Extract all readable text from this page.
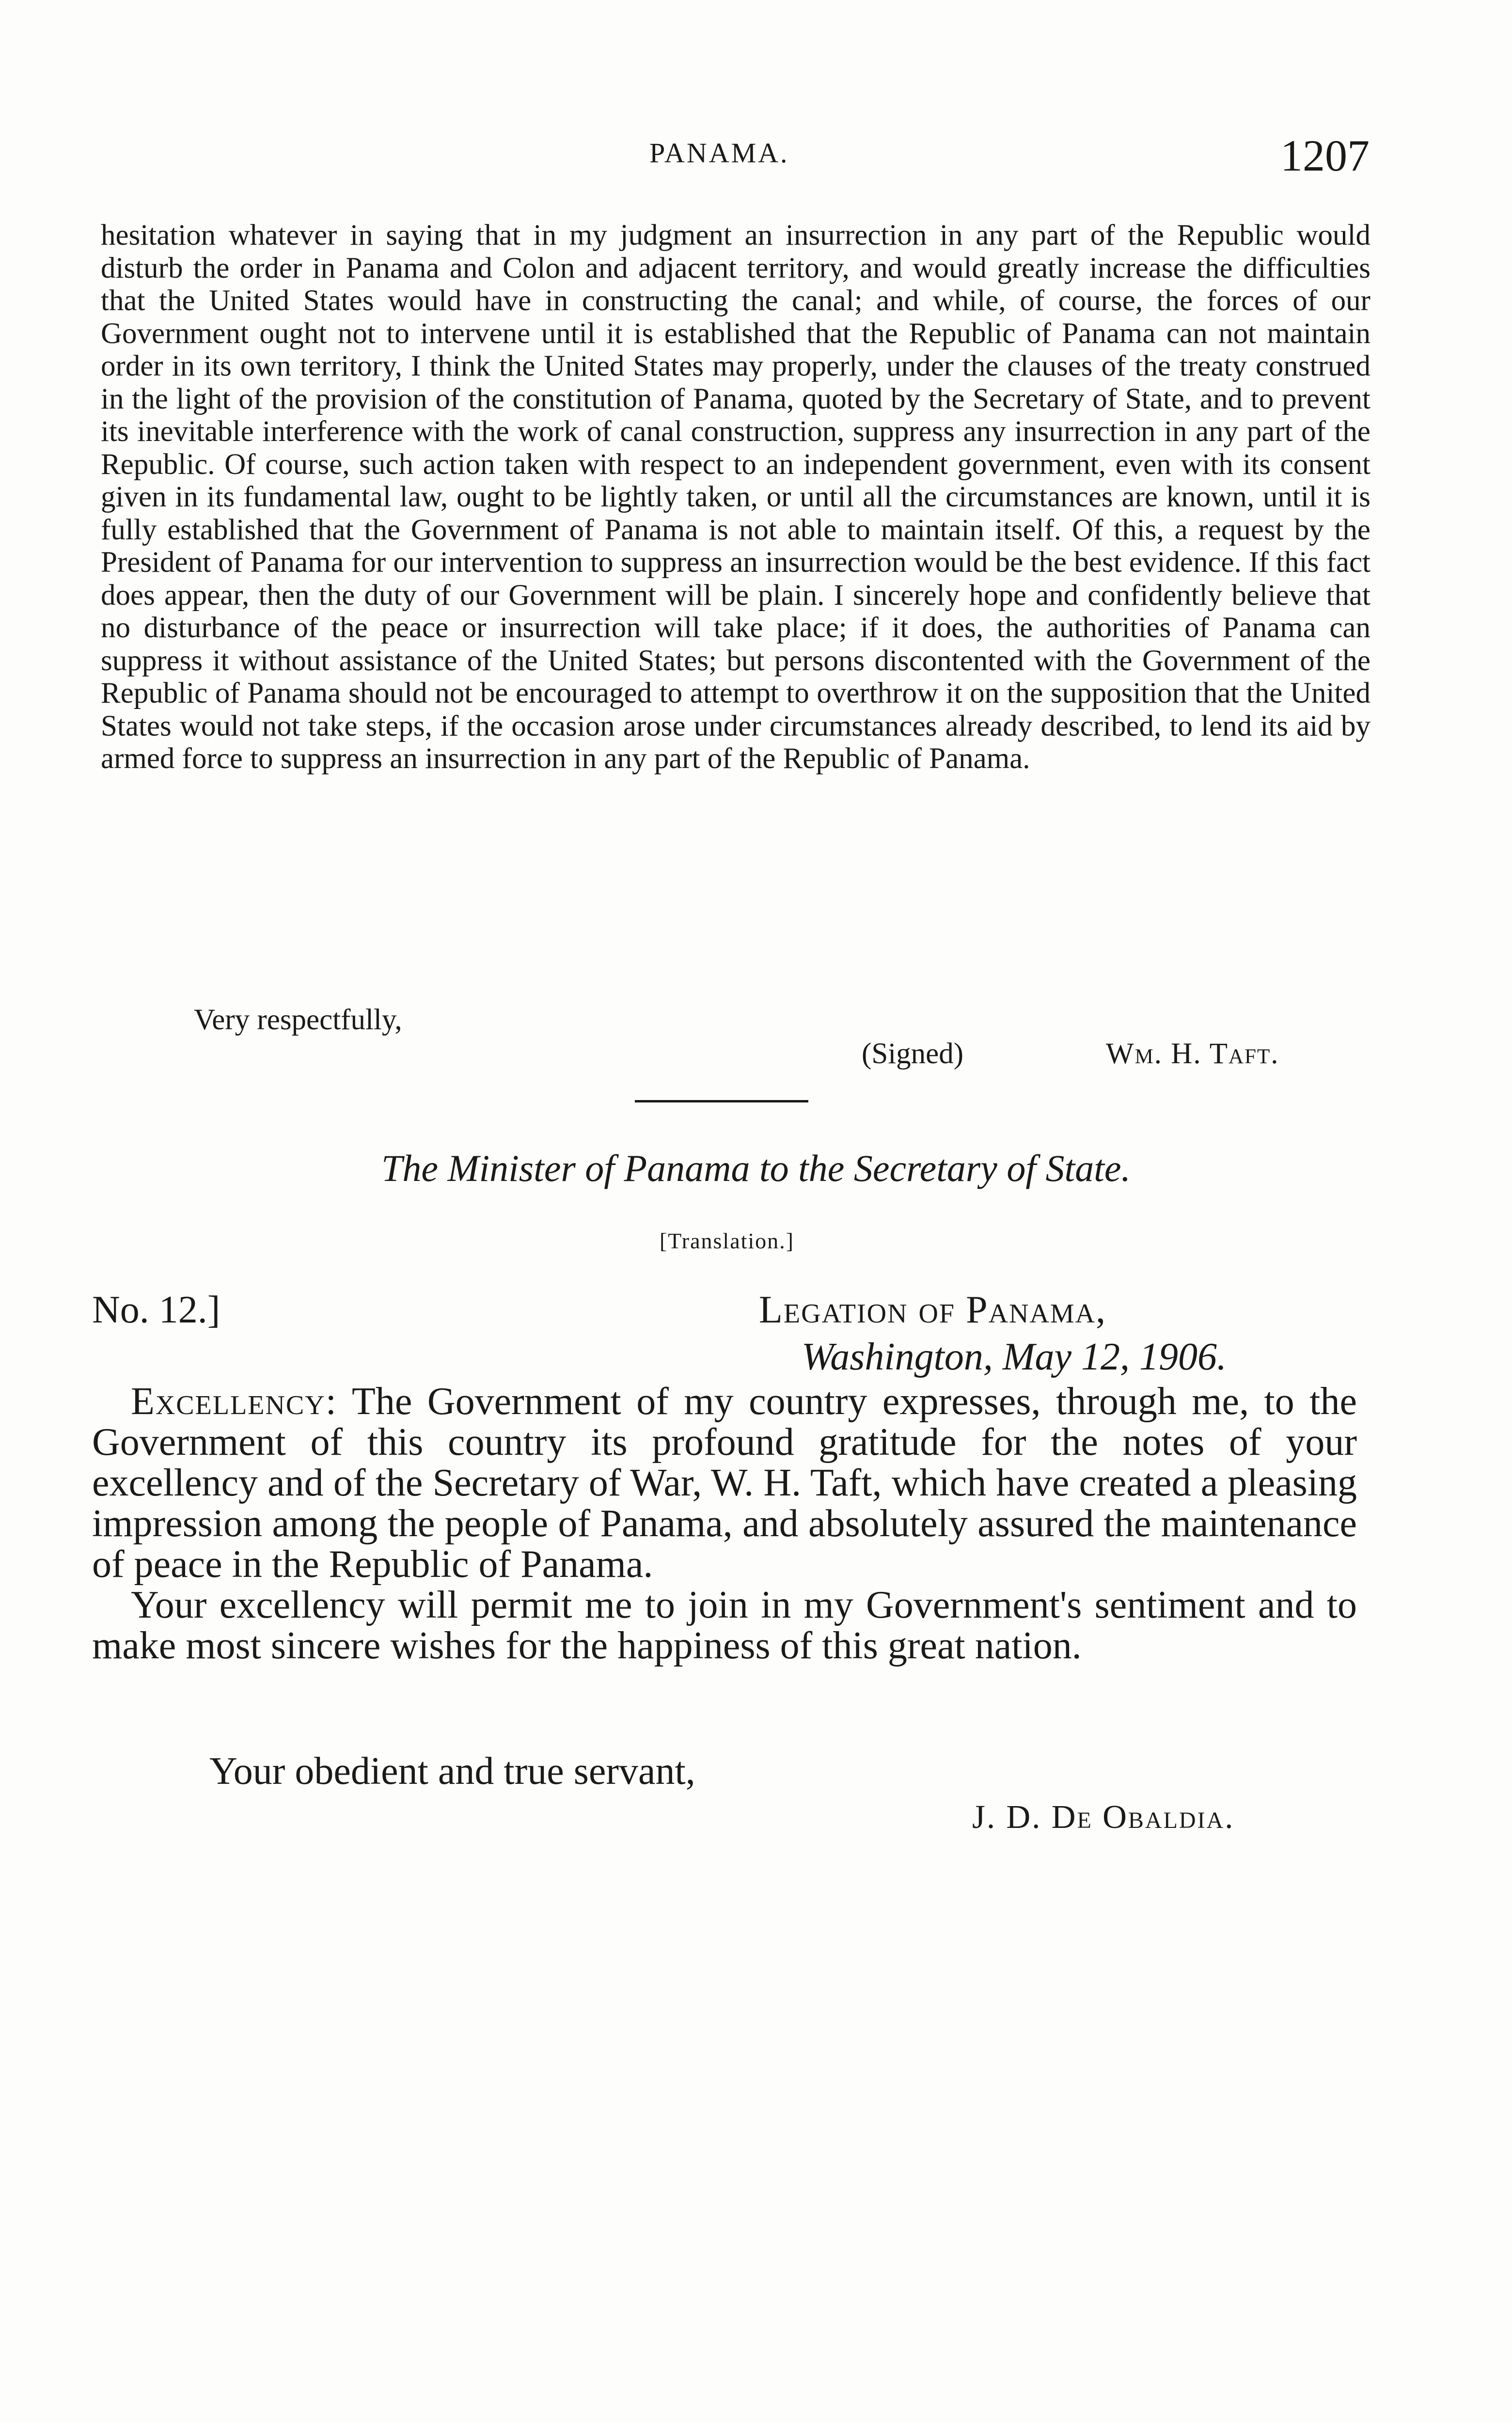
PANAMA.	1207
hesitation whatever in saying that in my judgment an insurrection in any part of the Republic would disturb the order in Panama and Colon and adjacent territory, and would greatly increase the difficulties that the United States would have in constructing the canal; and while, of course, the forces of our Government ought not to intervene until it is established that the Republic of Panama can not maintain order in its own territory, I think the United States may properly, under the clauses of the treaty construed in the light of the provision of the constitution of Panama, quoted by the Secretary of State, and to prevent its inevitable interference with the work of canal construction, suppress any insurrection in any part of the Republic. Of course, such action taken with respect to an independent government, even with its consent given in its fundamental law, ought to be lightly taken, or until all the circumstances are known, until it is fully established that the Government of Panama is not able to maintain itself. Of this, a request by the President of Panama for our intervention to suppress an insurrection would be the best evidence. If this fact does appear, then the duty of our Government will be plain. I sincerely hope and confidently believe that no disturbance of the peace or insurrection will take place; if it does, the authorities of Panama can suppress it without assistance of the United States; but persons discontented with the Government of the Republic of Panama should not be encouraged to attempt to overthrow it on the supposition that the United States would not take steps, if the occasion arose under circumstances already described, to lend its aid by armed force to suppress an insurrection in any part of the Republic of Panama.
Very respectfully,
(Signed)	Wm. H. Taft.
The Minister of Panama to the Secretary of State.
[Translation.]
No. 12.]	Legation of Panama,
Washington, May 12, 1906.

Excellency: The Government of my country expresses, through me, to the Government of this country its profound gratitude for the notes of your excellency and of the Secretary of War, W. H. Taft, which have created a pleasing impression among the people of Panama, and absolutely assured the maintenance of peace in the Republic of Panama.

Your excellency will permit me to join in my Government's sentiment and to make most sincere wishes for the happiness of this great nation.

Your obedient and true servant,
J. D. De Obaldia.
